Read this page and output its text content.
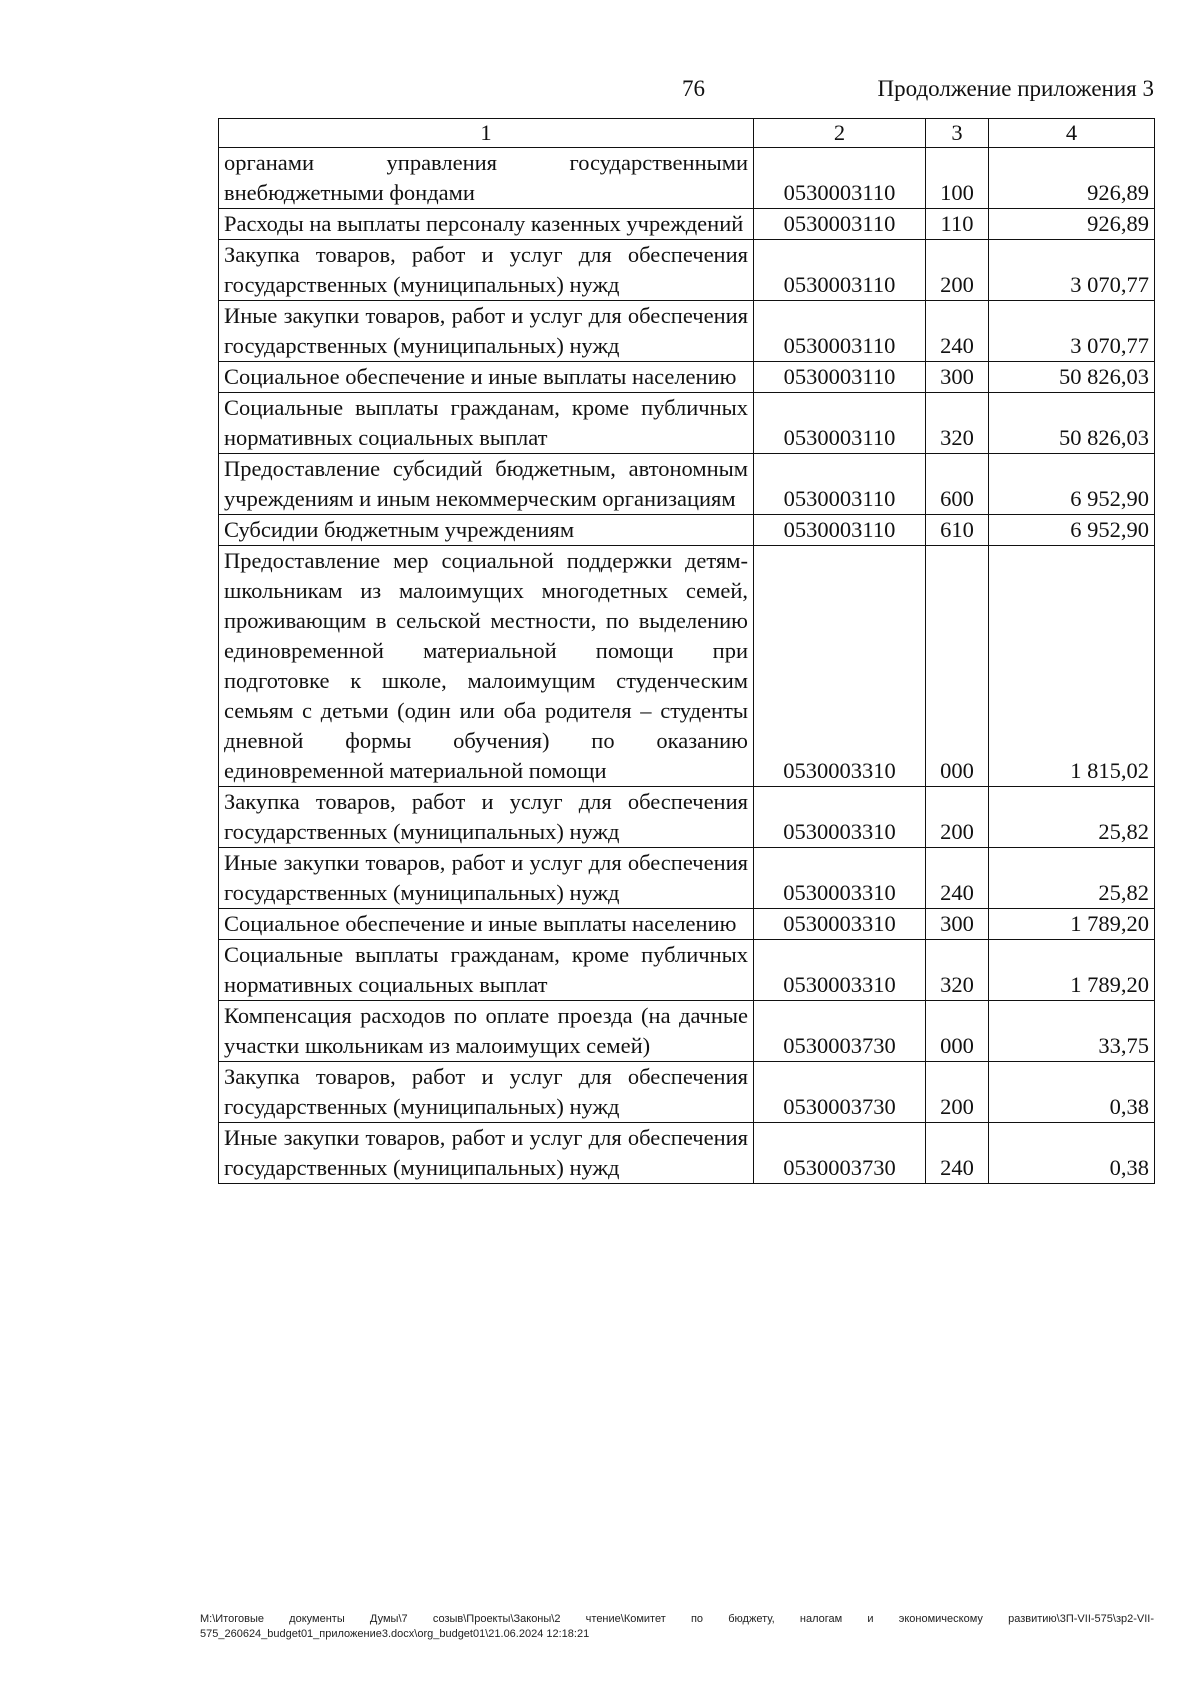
76	Продолжение приложения 3
1	2	3	4
органами управления государственными внебюджетными фондами	0530003110	100	926,89
Расходы на выплаты персоналу казенных учреждений	0530003110	110	926,89
Закупка товаров, работ и услуг для обеспечения государственных (муниципальных) нужд	0530003110	200	3 070,77
Иные закупки товаров, работ и услуг для обеспечения государственных (муниципальных) нужд	0530003110	240	3 070,77
Социальное обеспечение и иные выплаты населению	0530003110	300	50 826,03
Социальные выплаты гражданам, кроме публичных нормативных социальных выплат	0530003110	320	50 826,03
Предоставление субсидий бюджетным, автономным учреждениям и иным некоммерческим организациям	0530003110	600	6 952,90
Субсидии бюджетным учреждениям	0530003110	610	6 952,90
Предоставление мер социальной поддержки детям-школьникам из малоимущих многодетных семей, проживающим в сельской местности, по выделению единовременной материальной помощи при подготовке к школе, малоимущим студенческим семьям с детьми (один или оба родителя – студенты дневной формы обучения) по оказанию единовременной материальной помощи	0530003310	000	1 815,02
Закупка товаров, работ и услуг для обеспечения государственных (муниципальных) нужд	0530003310	200	25,82
Иные закупки товаров, работ и услуг для обеспечения государственных (муниципальных) нужд	0530003310	240	25,82
Социальное обеспечение и иные выплаты населению	0530003310	300	1 789,20
Социальные выплаты гражданам, кроме публичных нормативных социальных выплат	0530003310	320	1 789,20
Компенсация расходов по оплате проезда (на дачные участки школьникам из малоимущих семей)	0530003730	000	33,75
Закупка товаров, работ и услуг для обеспечения государственных (муниципальных) нужд	0530003730	200	0,38
Иные закупки товаров, работ и услуг для обеспечения государственных (муниципальных) нужд	0530003730	240	0,38
M:\Итоговые документы Думы\7 созыв\Проекты\Законы\2 чтение\Комитет по бюджету, налогам и экономическому развитию\3П-VII-575\зp2-VII-575_260624_budget01_приложение3.docx\org_budget01\21.06.2024 12:18:21
